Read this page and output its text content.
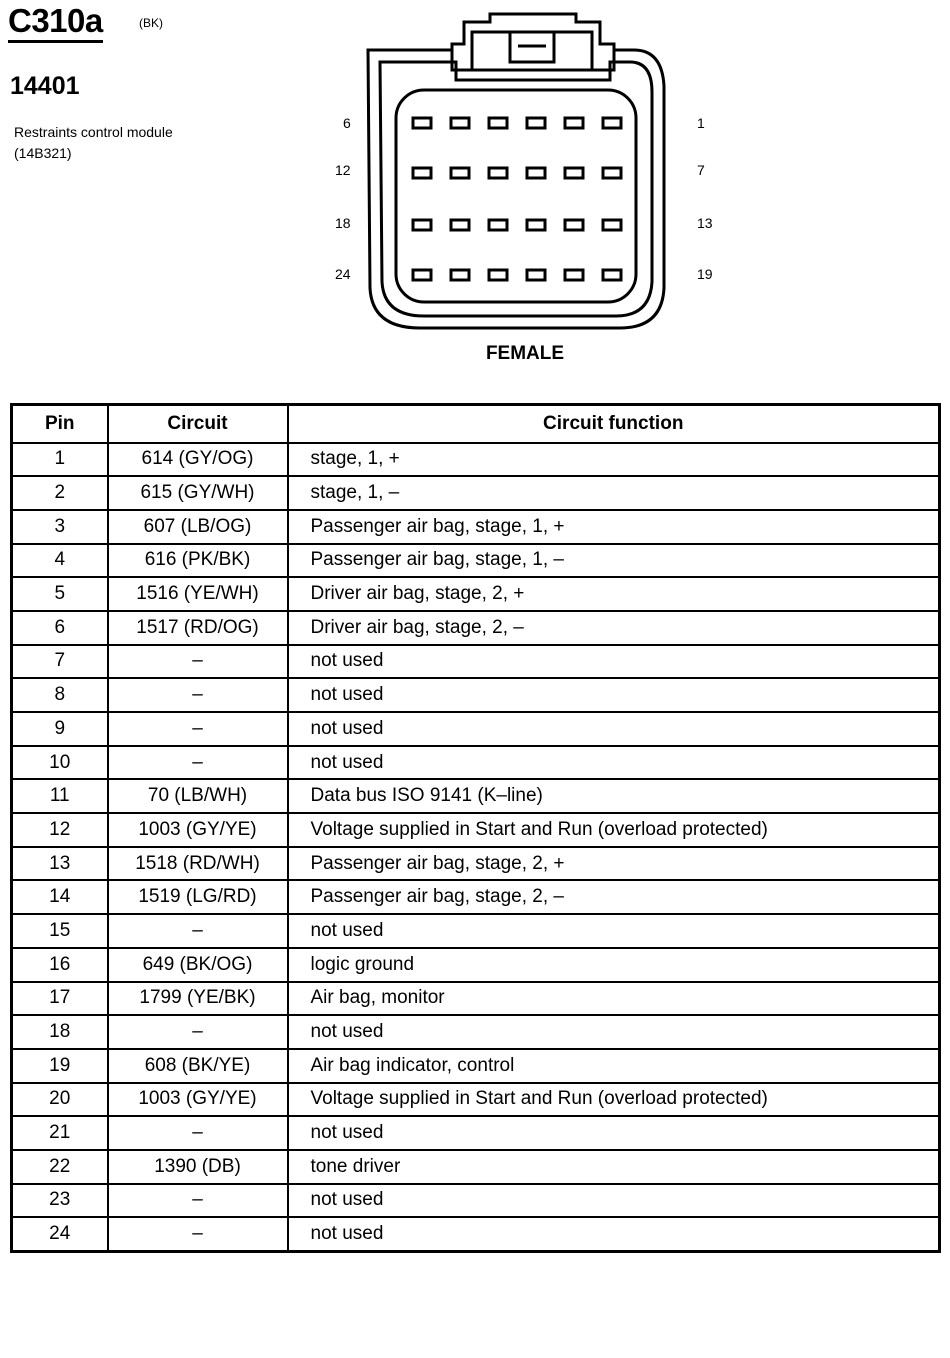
C310a	(BK)
14401
Restraints control module (14B321)
6
12
18
24
1
7
13
19
FEMALE
Pin	Circuit	Circuit function
1	614 (GY/OG)	stage, 1, +
2	615 (GY/WH)	stage, 1, –
3	607 (LB/OG)	Passenger air bag, stage, 1, +
4	616 (PK/BK)	Passenger air bag, stage, 1, –
5	1516 (YE/WH)	Driver air bag, stage, 2, +
6	1517 (RD/OG)	Driver air bag, stage, 2, –
7	–	not used
8	–	not used
9	–	not used
10	–	not used
11	70 (LB/WH)	Data bus ISO 9141 (K–line)
12	1003 (GY/YE)	Voltage supplied in Start and Run (overload protected)
13	1518 (RD/WH)	Passenger air bag, stage, 2, +
14	1519 (LG/RD)	Passenger air bag, stage, 2, –
15	–	not used
16	649 (BK/OG)	logic ground
17	1799 (YE/BK)	Air bag, monitor
18	–	not used
19	608 (BK/YE)	Air bag indicator, control
20	1003 (GY/YE)	Voltage supplied in Start and Run (overload protected)
21	–	not used
22	1390 (DB)	tone driver
23	–	not used
24	–	not used
